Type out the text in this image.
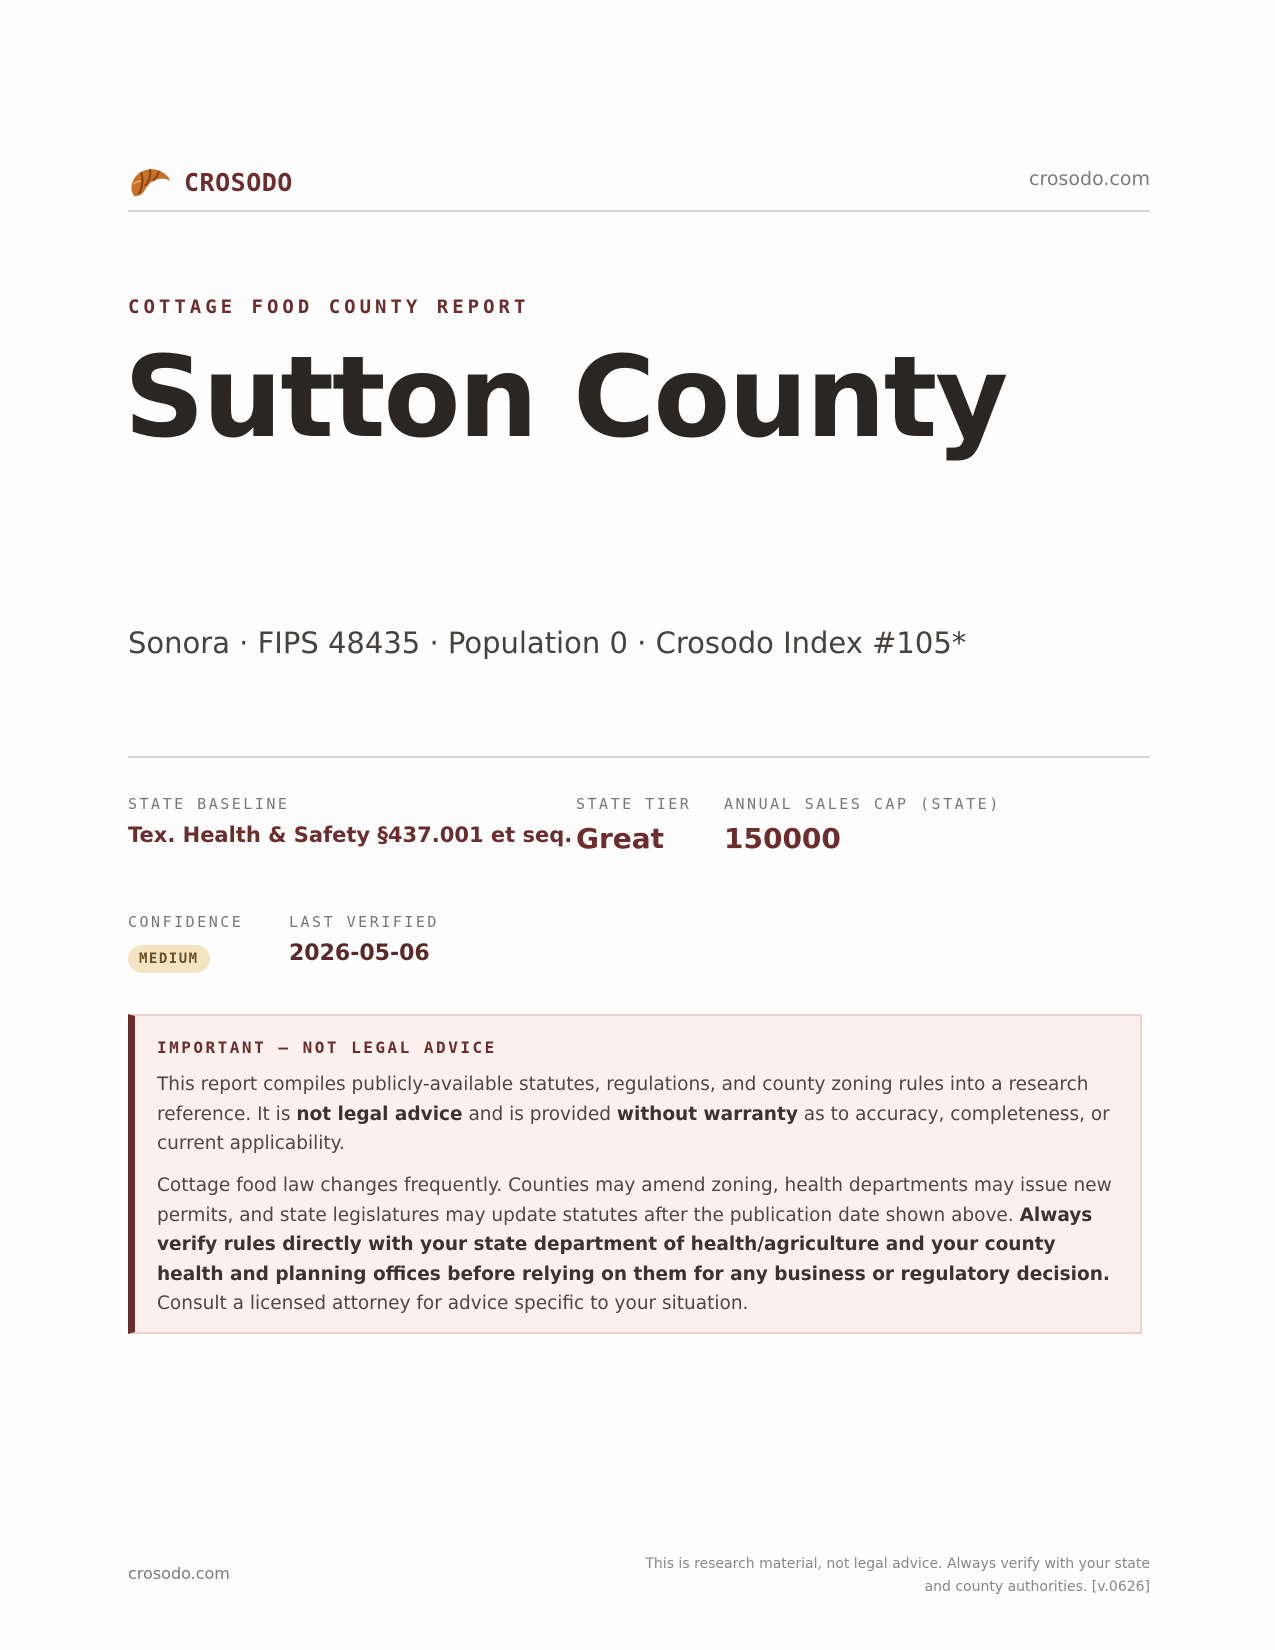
CROSODO	crosodo.com
COTTAGE FOOD COUNTY REPORT
Sutton County
Sonora · FIPS 48435 · Population 0 · Crosodo Index #105*
STATE BASELINE
Tex. Health & Safety §437.001 et seq.
STATE TIER
Great
ANNUAL SALES CAP (STATE)
150000
CONFIDENCE
MEDIUM
LAST VERIFIED
2026-05-06
IMPORTANT — NOT LEGAL ADVICE

This report compiles publicly-available statutes, regulations, and county zoning rules into a research reference. It is not legal advice and is provided without warranty as to accuracy, completeness, or current applicability.

Cottage food law changes frequently. Counties may amend zoning, health departments may issue new permits, and state legislatures may update statutes after the publication date shown above. Always verify rules directly with your state department of health/agriculture and your county health and planning offices before relying on them for any business or regulatory decision. Consult a licensed attorney for advice specific to your situation.

crosodo.com	This is research material, not legal advice. Always verify with your state
and county authorities. [v.0626]
